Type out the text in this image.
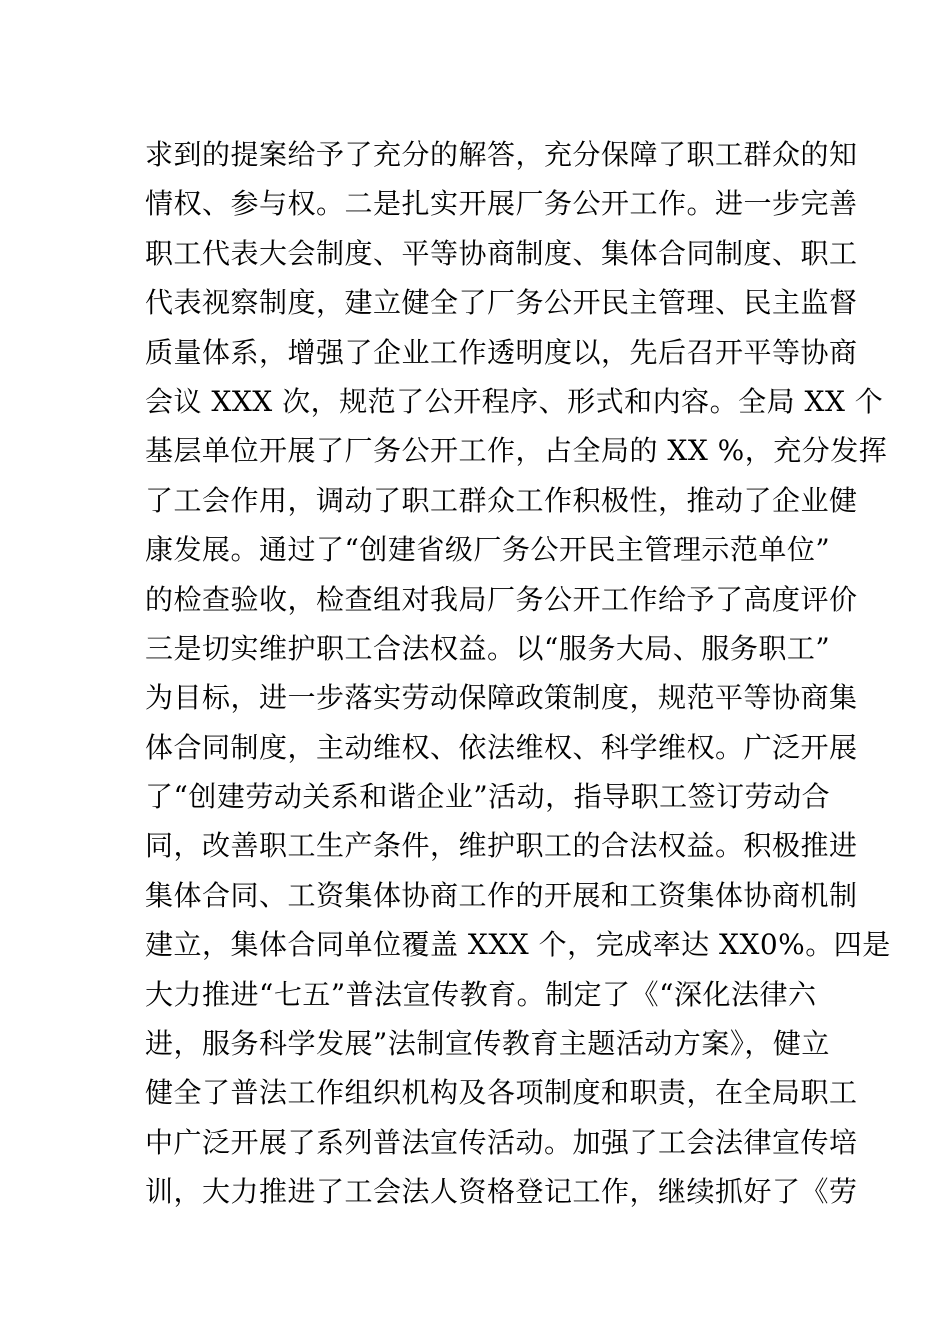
求到的提案给予了充分的解答，充分保障了职工群众的知
情权、参与权。二是扎实开展厂务公开工作。进一步完善
职工代表大会制度、平等协商制度、集体合同制度、职工
代表视察制度，建立健全了厂务公开民主管理、民主监督
质量体系，增强了企业工作透明度以，先后召开平等协商
会议 XXX 次，规范了公开程序、形式和内容。全局 XX 个
基层单位开展了厂务公开工作，占全局的 XX %，充分发挥
了工会作用，调动了职工群众工作积极性，推动了企业健
康发展。通过了“创建省级厂务公开民主管理示范单位”
的检查验收，检查组对我局厂务公开工作给予了高度评价
三是切实维护职工合法权益。以“服务大局、服务职工”
为目标，进一步落实劳动保障政策制度，规范平等协商集
体合同制度，主动维权、依法维权、科学维权。广泛开展
了“创建劳动关系和谐企业”活动，指导职工签订劳动合
同，改善职工生产条件，维护职工的合法权益。积极推进
集体合同、工资集体协商工作的开展和工资集体协商机制
建立，集体合同单位覆盖 XXX 个，完成率达 XX0%。四是
大力推进“七五”普法宣传教育。制定了《“深化法律六
进，服务科学发展”法制宣传教育主题活动方案》，健立
健全了普法工作组织机构及各项制度和职责，在全局职工
中广泛开展了系列普法宣传活动。加强了工会法律宣传培
训，大力推进了工会法人资格登记工作，继续抓好了《劳
